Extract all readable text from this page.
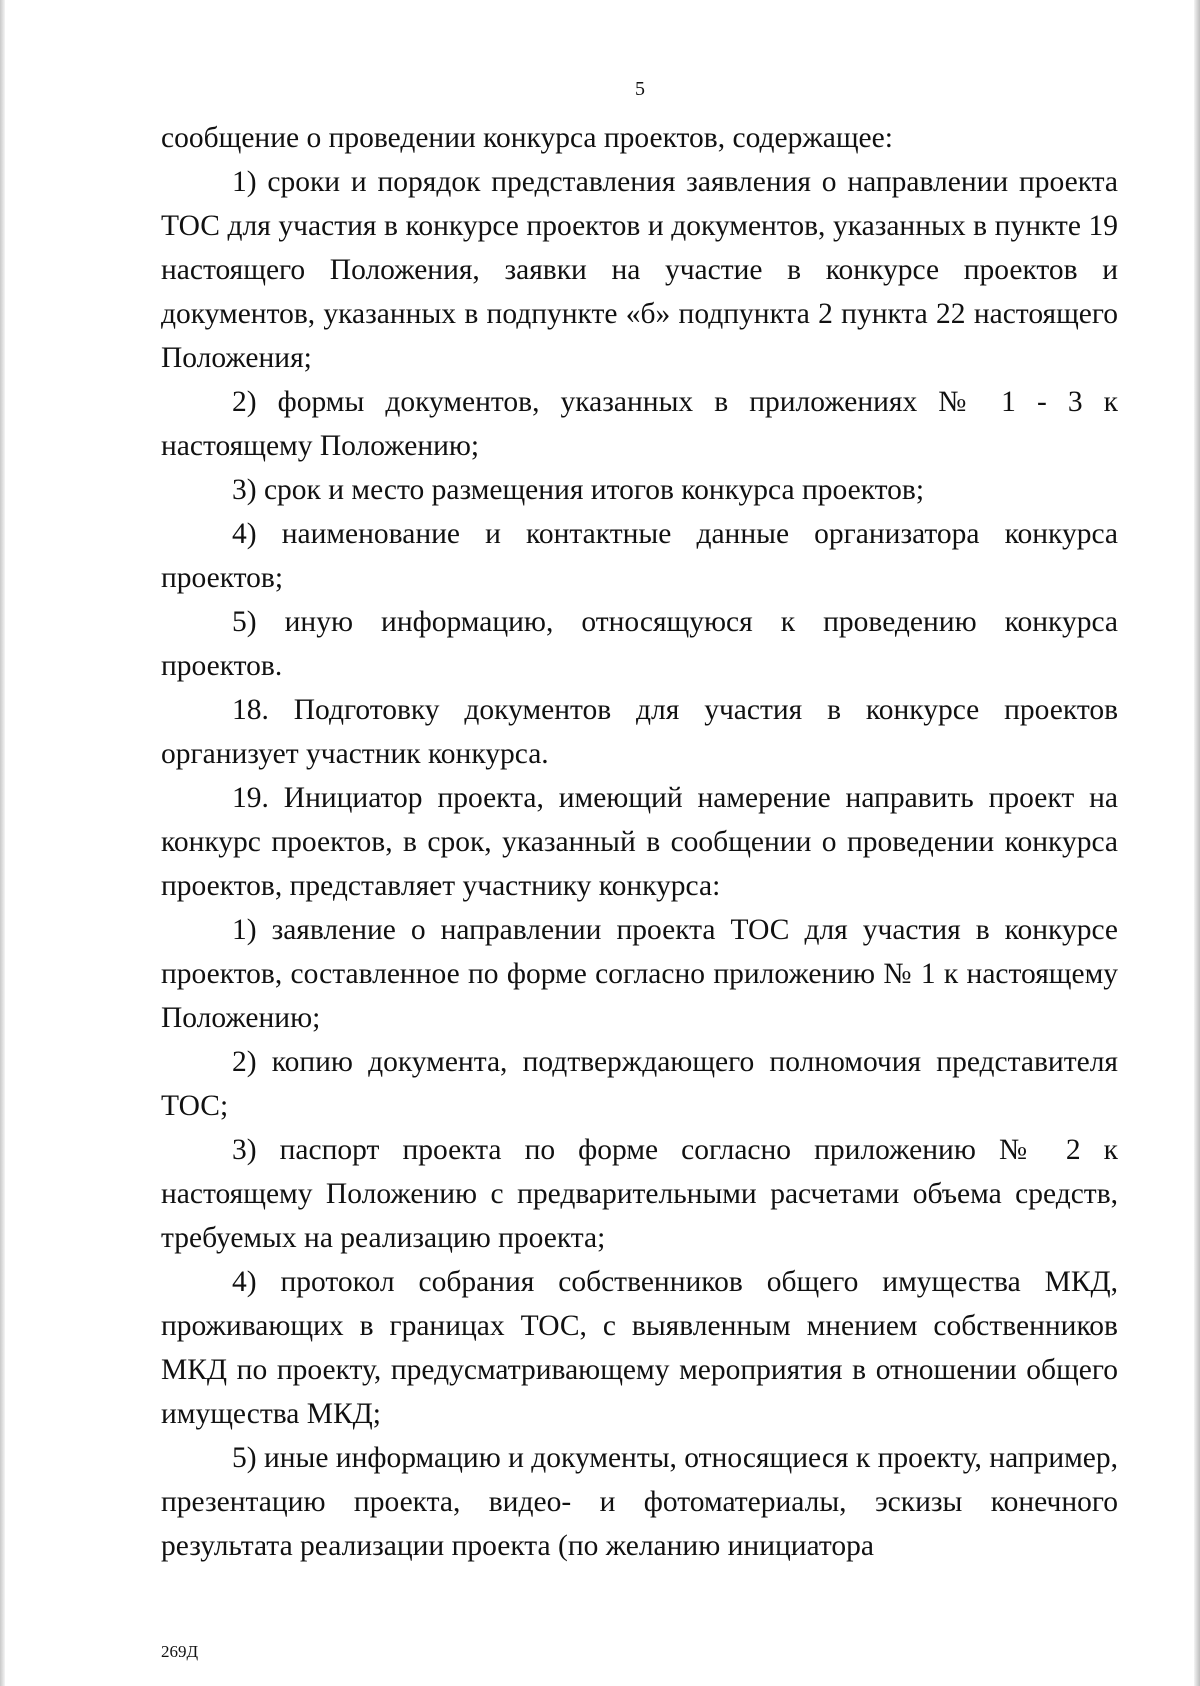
5

сообщение о проведении конкурса проектов, содержащее:

1) сроки и порядок представления заявления о направлении проекта ТОС для участия в конкурсе проектов и документов, указанных в пункте 19 настоящего Положения, заявки на участие в конкурсе проектов и документов, указанных в подпункте «б» подпункта 2 пункта 22 настоящего Положения;

2) формы документов, указанных в приложениях № 1 - 3 к настоящему Положению;

3) срок и место размещения итогов конкурса проектов;

4) наименование и контактные данные организатора конкурса проектов;

5) иную информацию, относящуюся к проведению конкурса проектов.

18. Подготовку документов для участия в конкурсе проектов организует участник конкурса.

19. Инициатор проекта, имеющий намерение направить проект на конкурс проектов, в срок, указанный в сообщении о проведении конкурса проектов, представляет участнику конкурса:

1) заявление о направлении проекта ТОС для участия в конкурсе проектов, составленное по форме согласно приложению № 1 к настоящему Положению;

2) копию документа, подтверждающего полномочия представителя ТОС;

3) паспорт проекта по форме согласно приложению № 2 к настоящему Положению с предварительными расчетами объема средств, требуемых на реализацию проекта;

4) протокол собрания собственников общего имущества МКД, проживающих в границах ТОС, с выявленным мнением собственников МКД по проекту, предусматривающему мероприятия в отношении общего имущества МКД;

5) иные информацию и документы, относящиеся к проекту, например, презентацию проекта, видео- и фотоматериалы, эскизы конечного результата реализации проекта (по желанию инициатора

269Д
